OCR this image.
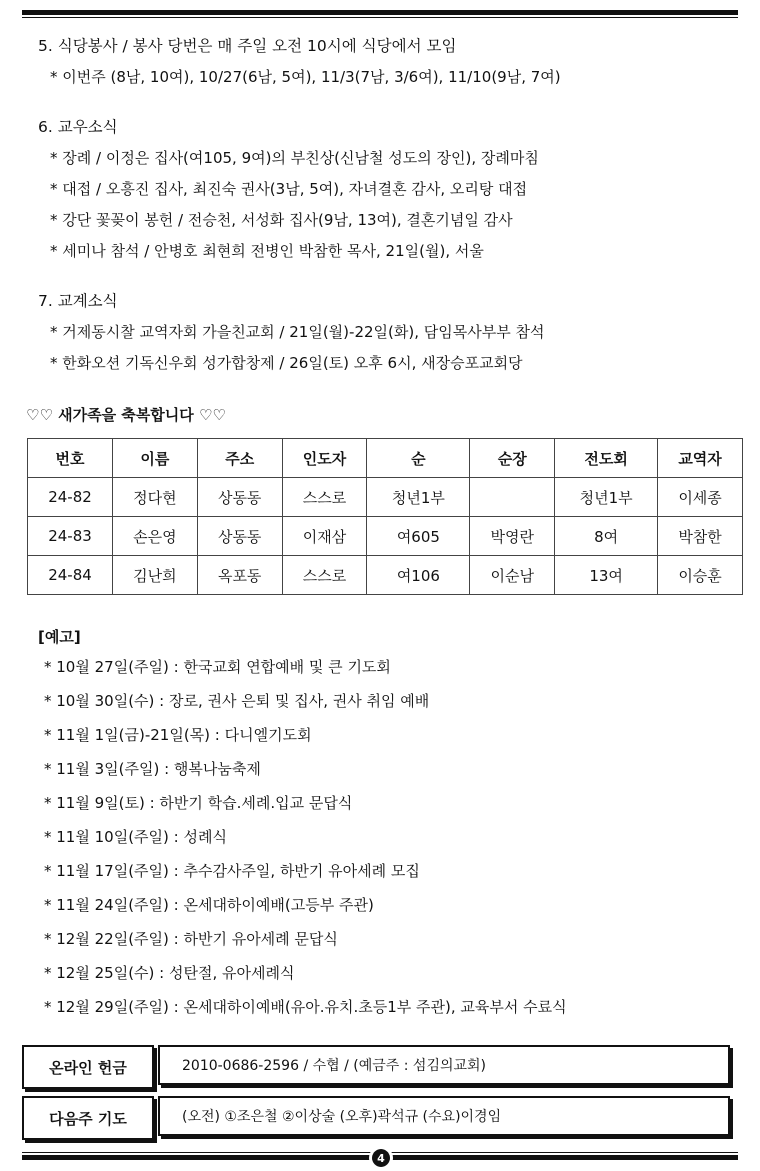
5. 식당봉사 / 봉사 당번은 매 주일 오전 10시에 식당에서 모임
* 이번주 (8남, 10여), 10/27(6남, 5여), 11/3(7남, 3/6여), 11/10(9남, 7여)
6. 교우소식
* 장례 / 이정은 집사(여105, 9여)의 부친상(신남철 성도의 장인), 장례마침
* 대접 / 오흥진 집사, 최진숙 권사(3남, 5여), 자녀결혼 감사, 오리탕 대접
* 강단 꽃꽂이 봉헌 / 전승천, 서성화 집사(9남, 13여), 결혼기념일 감사
* 세미나 참석 / 안병호 최현희 전병인 박참한 목사, 21일(월), 서울
7. 교계소식
* 거제동시찰 교역자회 가을친교회 / 21일(월)-22일(화), 담임목사부부 참석
* 한화오션 기독신우회 성가합창제 / 26일(토) 오후 6시, 새장승포교회당
♡♡ 새가족을 축복합니다 ♡♡
번호	이름	주소	인도자	순	순장	전도회	교역자
24-82	정다현	상동동	스스로	청년1부		청년1부	이세종
24-83	손은영	상동동	이재삼	여605	박영란	8여	박참한
24-84	김난희	옥포동	스스로	여106	이순남	13여	이승훈
[예고]
* 10월 27일(주일) : 한국교회 연합예배 및 큰 기도회
* 10월 30일(수) : 장로, 권사 은퇴 및 집사, 권사 취임 예배
* 11월 1일(금)-21일(목) : 다니엘기도회
* 11월 3일(주일) : 행복나눔축제
* 11월 9일(토) : 하반기 학습.세례.입교 문답식
* 11월 10일(주일) : 성례식
* 11월 17일(주일) : 추수감사주일, 하반기 유아세례 모집
* 11월 24일(주일) : 온세대하이예배(고등부 주관)
* 12월 22일(주일) : 하반기 유아세례 문답식
* 12월 25일(수) : 성탄절, 유아세례식
* 12월 29일(주일) : 온세대하이예배(유아.유치.초등1부 주관), 교육부서 수료식
온라인 헌금	2010-0686-2596 / 수협 / (예금주 : 섬김의교회)
다음주 기도	(오전) ①조은철 ②이상술 (오후)곽석규 (수요)이경임
4
